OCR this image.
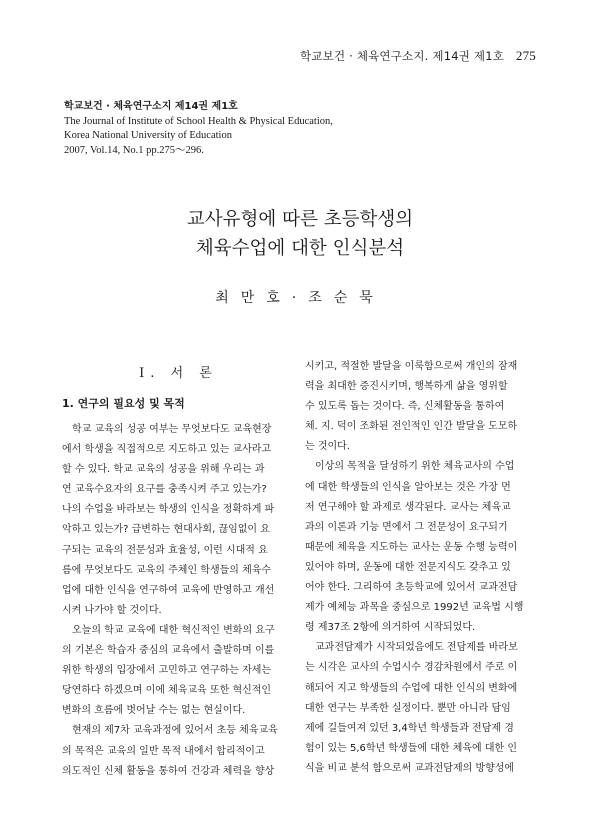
학교보건 · 체육연구소지. 제14권 제1호 275
학교보건 · 체육연구소지 제14권 제1호
The Journal of Institute of School Health & Physical Education,
Korea National University of Education
2007, Vol.14, No.1 pp.275～296.
교사유형에 따른 초등학생의
체육수업에 대한 인식분석
최만호·조순묵
Ⅰ. 서 론
1. 연구의 필요성 및 목적
학교 교육의 성공 여부는 무엇보다도 교육현장
에서 학생을 직접적으로 지도하고 있는 교사라고
할 수 있다. 학교 교육의 성공을 위해 우리는 과
연 교육수요자의 요구를 충족시켜 주고 있는가?
나의 수업을 바라보는 학생의 인식을 정확하게 파
악하고 있는가? 급변하는 현대사회, 끊임없이 요
구되는 교육의 전문성과 효율성, 이런 시대적 요
름에 무엇보다도 교육의 주체인 학생들의 체육수
업에 대한 인식을 연구하여 교육에 반영하고 개선
시켜 나가야 할 것이다.
오늘의 학교 교육에 대한 혁신적인 변화의 요구
의 기본은 학습자 중심의 교육에서 출발하며 이를
위한 학생의 입장에서 고민하고 연구하는 자세는
당연하다 하겠으며 이에 체육교육 또한 혁신적인
변화의 흐름에 벗어날 수는 없는 현실이다.
현재의 제7차 교육과정에 있어서 초등 체육교육
의 목적은 교육의 일반 목적 내에서 합리적이고
의도적인 신체 활동을 통하여 건강과 체력을 향상
시키고, 적절한 발달을 이룩함으로써 개인의 잠재
력을 최대한 증진시키며, 행복하게 삶을 영위할
수 있도록 돕는 것이다. 즉, 신체활동을 통하여
체. 지. 덕이 조화된 전인적인 인간 발달을 도모하
는 것이다.
이상의 목적을 달성하기 위한 체육교사의 수업
에 대한 학생들의 인식을 알아보는 것은 가장 먼
저 연구해야 할 과제로 생각된다. 교사는 체육교
과의 이론과 기능 면에서 그 전문성이 요구되기
때문에 체육을 지도하는 교사는 운동 수행 능력이
있어야 하며, 운동에 대한 전문지식도 갖추고 있
어야 한다. 그리하여 초등학교에 있어서 교과전담
제가 예체능 과목을 중심으로 1992년 교육법 시행
령 제37조 2항에 의거하여 시작되었다.
교과전담제가 시작되었음에도 전담제를 바라보
는 시각은 교사의 수업시수 경감차원에서 주로 이
해되어 지고 학생들의 수업에 대한 인식의 변화에
대한 연구는 부족한 실정이다. 뿐만 아니라 담임
제에 길들여져 있던 3,4학년 학생들과 전담제 경
험이 있는 5,6학년 학생들에 대한 체육에 대한 인
식을 비교 분석 함으로써 교과전담제의 방향성에
